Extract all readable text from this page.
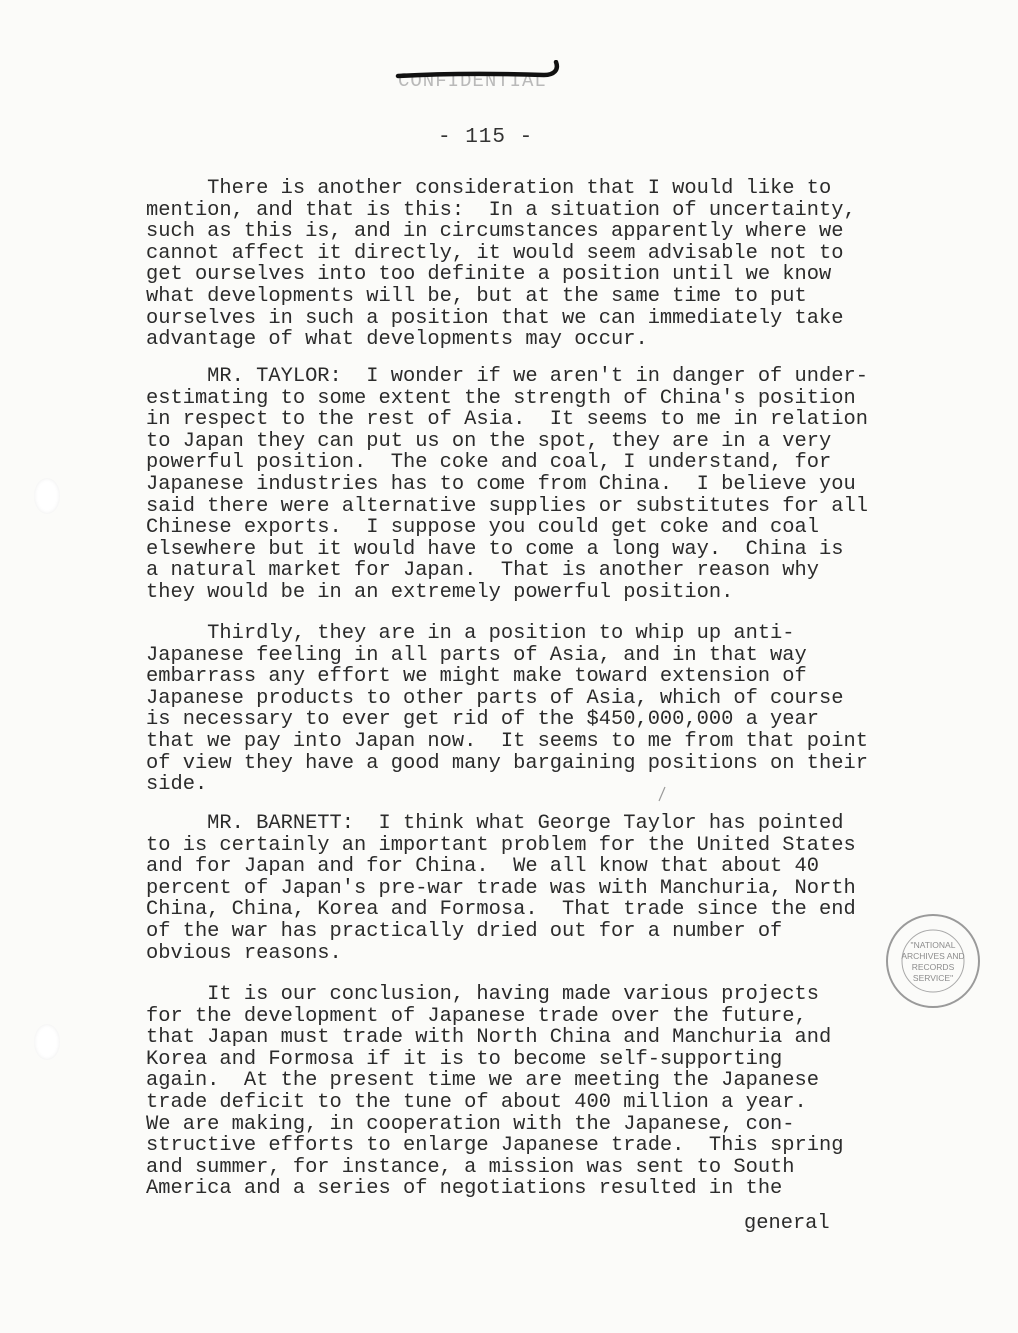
CONFIDENTIAL
- 115 -
There is another consideration that I would like to
mention, and that is this:  In a situation of uncertainty,
such as this is, and in circumstances apparently where we
cannot affect it directly, it would seem advisable not to
get ourselves into too definite a position until we know
what developments will be, but at the same time to put
ourselves in such a position that we can immediately take
advantage of what developments may occur.
MR. TAYLOR:  I wonder if we aren't in danger of under-
estimating to some extent the strength of China's position
in respect to the rest of Asia.  It seems to me in relation
to Japan they can put us on the spot, they are in a very
powerful position.  The coke and coal, I understand, for
Japanese industries has to come from China.  I believe you
said there were alternative supplies or substitutes for all
Chinese exports.  I suppose you could get coke and coal
elsewhere but it would have to come a long way.  China is
a natural market for Japan.  That is another reason why
they would be in an extremely powerful position.
Thirdly, they are in a position to whip up anti-
Japanese feeling in all parts of Asia, and in that way
embarrass any effort we might make toward extension of
Japanese products to other parts of Asia, which of course
is necessary to ever get rid of the $450,000,000 a year
that we pay into Japan now.  It seems to me from that point
of view they have a good many bargaining positions on their
side.
MR. BARNETT:  I think what George Taylor has pointed
to is certainly an important problem for the United States
and for Japan and for China.  We all know that about 40
percent of Japan's pre-war trade was with Manchuria, North
China, China, Korea and Formosa.  That trade since the end
of the war has practically dried out for a number of
obvious reasons.
It is our conclusion, having made various projects
for the development of Japanese trade over the future,
that Japan must trade with North China and Manchuria and
Korea and Formosa if it is to become self-supporting
again.  At the present time we are meeting the Japanese
trade deficit to the tune of about 400 million a year.
We are making, in cooperation with the Japanese, con-
structive efforts to enlarge Japanese trade.  This spring
and summer, for instance, a mission was sent to South
America and a series of negotiations resulted in the
general
"NATIONAL
ARCHIVES AND
RECORDS
SERVICE"
